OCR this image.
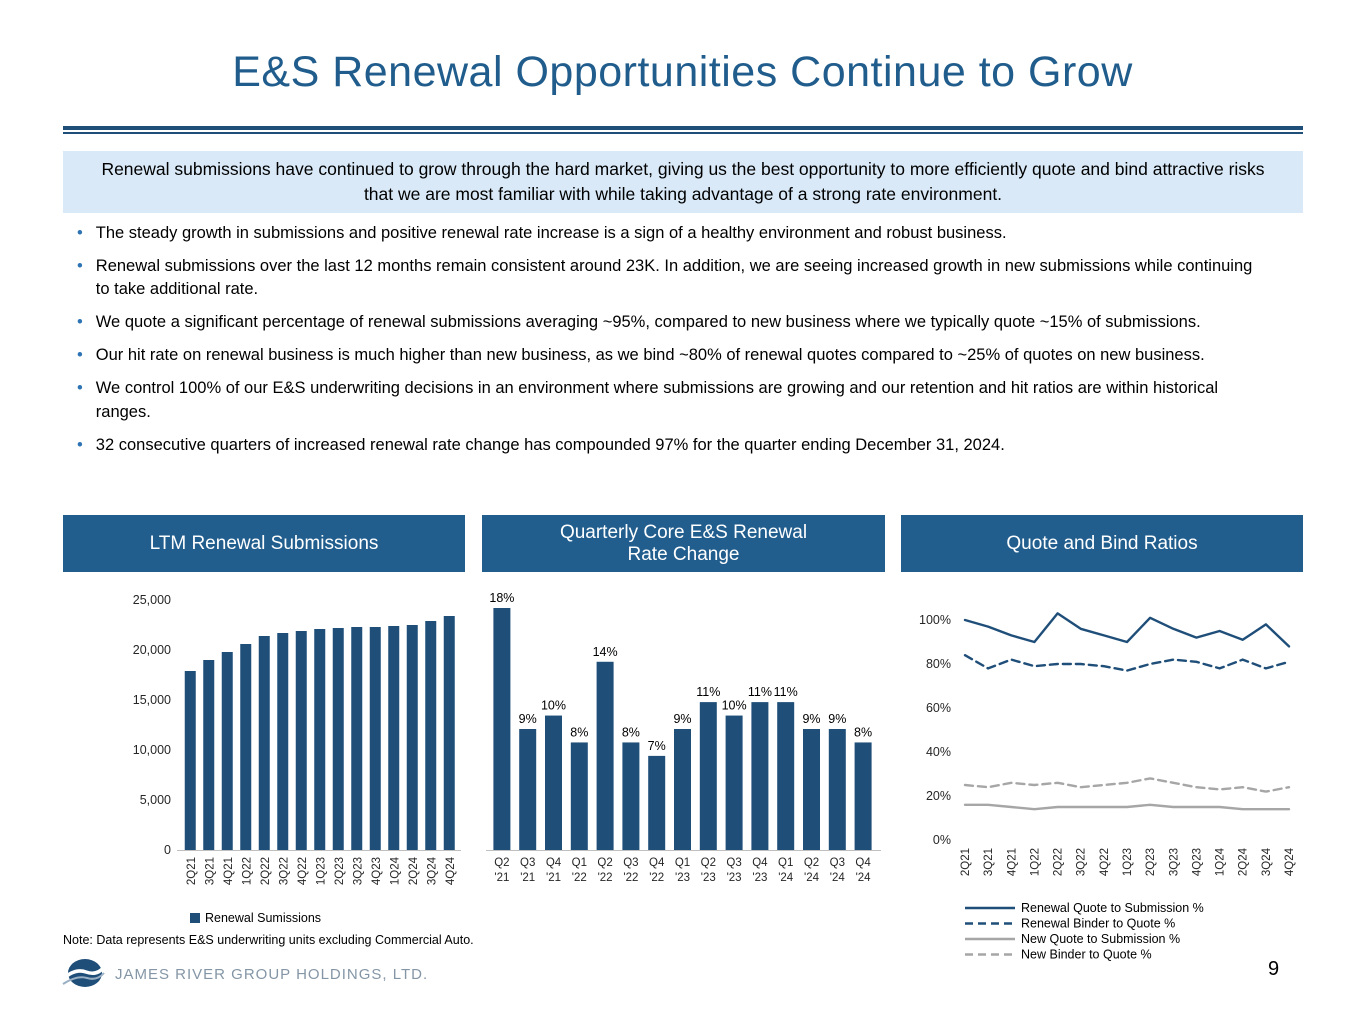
E&S Renewal Opportunities Continue to Grow
Renewal submissions have continued to grow through the hard market, giving us the best opportunity to more efficiently quote and bind attractive risks that we are most familiar with while taking advantage of a strong rate environment.
• The steady growth in submissions and positive renewal rate increase is a sign of a healthy environment and robust business.
• Renewal submissions over the last 12 months remain consistent around 23K. In addition, we are seeing increased growth in new submissions while continuing to take additional rate.
• We quote a significant percentage of renewal submissions averaging ~95%, compared to new business where we typically quote ~15% of submissions.
• Our hit rate on renewal business is much higher than new business, as we bind ~80% of renewal quotes compared to ~25% of quotes on new business.
• We control 100% of our E&S underwriting decisions in an environment where submissions are growing and our retention and hit ratios are within historical ranges.
• 32 consecutive quarters of increased renewal rate change has compounded 97% for the quarter ending December 31, 2024.
LTM Renewal Submissions
25,000
20,000
15,000
10,000
5,000
0
2Q21 3Q21 4Q21 1Q22 2Q22 3Q22 4Q22 1Q23 2Q23 3Q23 4Q23 1Q24 2Q24 3Q24 4Q24
Renewal Sumissions
Quarterly Core E&S Renewal
Rate Change
18%
Q2
'21
9%
Q3
'21
10%
Q4
'21
8%
Q1
'22
14%
Q2
'22
8%
Q3
'22
7%
Q4
'22
9%
Q1
'23
11%
Q2
'23
10%
Q3
'23
11%
Q4
'23
11%
Q1
'24
9%
Q2
'24
9%
Q3
'24
8%
Q4
'24
Quote and Bind Ratios
100%
80%
60%
40%
20%
0%
2Q21 3Q21 4Q21 1Q22 2Q22 3Q22 4Q22 1Q23 2Q23 3Q23 4Q23 1Q24 2Q24 3Q24 4Q24
Renewal Quote to Submission %
Renewal Binder to Quote %
New Quote to Submission %
New Binder to Quote %
Note: Data represents E&S underwriting units excluding Commercial Auto.
JAMES RIVER GROUP HOLDINGS, LTD.	9
